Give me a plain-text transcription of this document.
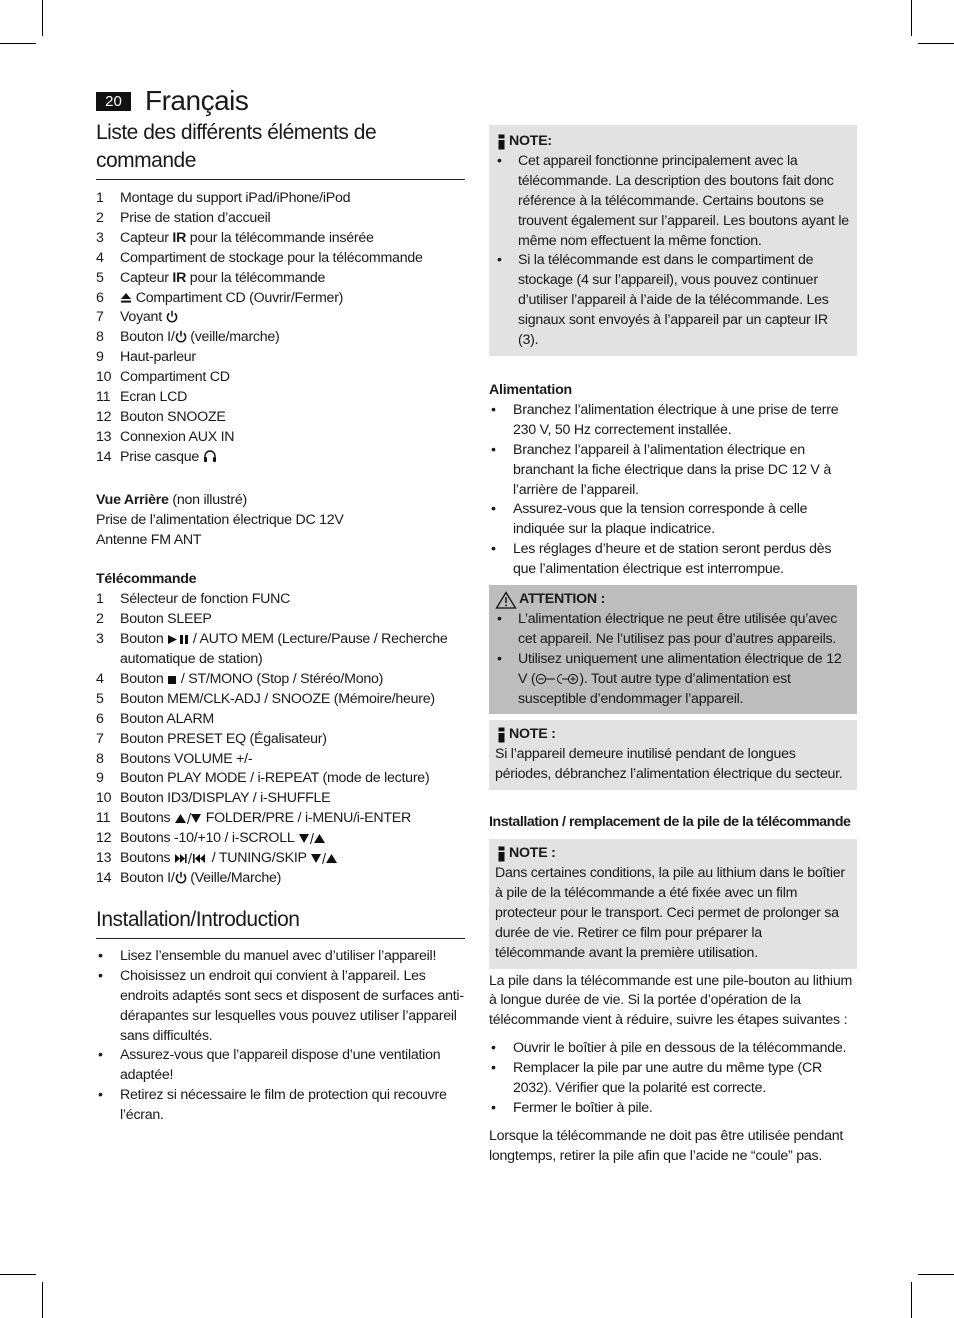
20 Français
Liste des différents éléments de commande
1 Montage du support iPad/iPhone/iPod
2 Prise de station d’accueil
3 Capteur IR pour la télécommande insérée
4 Compartiment de stockage pour la télécommande
5 Capteur IR pour la télécommande
6 Compartiment CD (Ouvrir/Fermer)
7 Voyant
8 Bouton I/ (veille/marche)
9 Haut-parleur
10 Compartiment CD
11 Ecran LCD
12 Bouton SNOOZE
13 Connexion AUX IN
14 Prise casque

Vue Arrière (non illustré)

Prise de l’alimentation électrique DC 12V

Antenne FM ANT

Télécommande

1 Sélecteur de fonction FUNC
2 Bouton SLEEP
3 Bouton  / AUTO MEM (Lecture/Pause / Recherche automatique de station)
4 Bouton  / ST/MONO (Stop / Stéréo/Mono)
5 Bouton MEM/CLK-ADJ / SNOOZE (Mémoire/heure)
6 Bouton ALARM
7 Bouton PRESET EQ (Égalisateur)
8 Boutons VOLUME +/-
9 Bouton PLAY MODE / i-REPEAT (mode de lecture)
10 Bouton ID3/DISPLAY / i-SHUFFLE
11 Boutons  FOLDER/PRE / i-MENU/i-ENTER
12 Boutons -10/+10 / i-SCROLL
13 Boutons  / TUNING/SKIP
14 Bouton I/ (Veille/Marche)
Installation/Introduction
• Lisez l’ensemble du manuel avec d’utiliser l’appareil!
• Choisissez un endroit qui convient à l’appareil. Les endroits adaptés sont secs et disposent de surfaces anti-dérapantes sur lesquelles vous pouvez utiliser l’appareil sans difficultés.
• Assurez-vous que l’appareil dispose d’une ventilation adaptée!
• Retirez si nécessaire le film de protection qui recouvre l’écran.
NOTE:
• Cet appareil fonctionne principalement avec la télécommande. La description des boutons fait donc référence à la télécommande. Certains boutons se trouvent également sur l’appareil. Les boutons ayant le même nom effectuent la même fonction.
• Si la télécommande est dans le compartiment de stockage (4 sur l’appareil), vous pouvez continuer d’utiliser l’appareil à l’aide de la télécommande. Les signaux sont envoyés à l’appareil par un capteur IR (3).

Alimentation

• Branchez l’alimentation électrique à une prise de terre 230 V, 50 Hz correctement installée.
• Branchez l’appareil à l’alimentation électrique en branchant la fiche électrique dans la prise DC 12 V à l’arrière de l’appareil.
• Assurez-vous que la tension corresponde à celle indiquée sur la plaque indicatrice.
• Les réglages d’heure et de station seront perdus dès que l’alimentation électrique est interrompue.
ATTENTION :
• L’alimentation électrique ne peut être utilisée qu’avec cet appareil. Ne l’utilisez pas pour d’autres appareils.
• Utilisez uniquement une alimentation électrique de 12 V (	). Tout autre type d’alimentation est susceptible d’endommager l’appareil.
NOTE :

Si l’appareil demeure inutilisé pendant de longues périodes, débranchez l’alimentation électrique du secteur.

Installation / remplacement de la pile de la télécommande

NOTE :

Dans certaines conditions, la pile au lithium dans le boîtier à pile de la télécommande a été fixée avec un film protecteur pour le transport. Ceci permet de prolonger sa durée de vie. Retirer ce film pour préparer la télécommande avant la première utilisation.

La pile dans la télécommande est une pile-bouton au lithium à longue durée de vie. Si la portée d’opération de la télécommande vient à réduire, suivre les étapes suivantes :

• Ouvrir le boîtier à pile en dessous de la télécommande.
• Remplacer la pile par une autre du même type (CR 2032). Vérifier que la polarité est correcte.
• Fermer le boîtier à pile.

Lorsque la télécommande ne doit pas être utilisée pendant longtemps, retirer la pile afin que l’acide ne “coule” pas.
